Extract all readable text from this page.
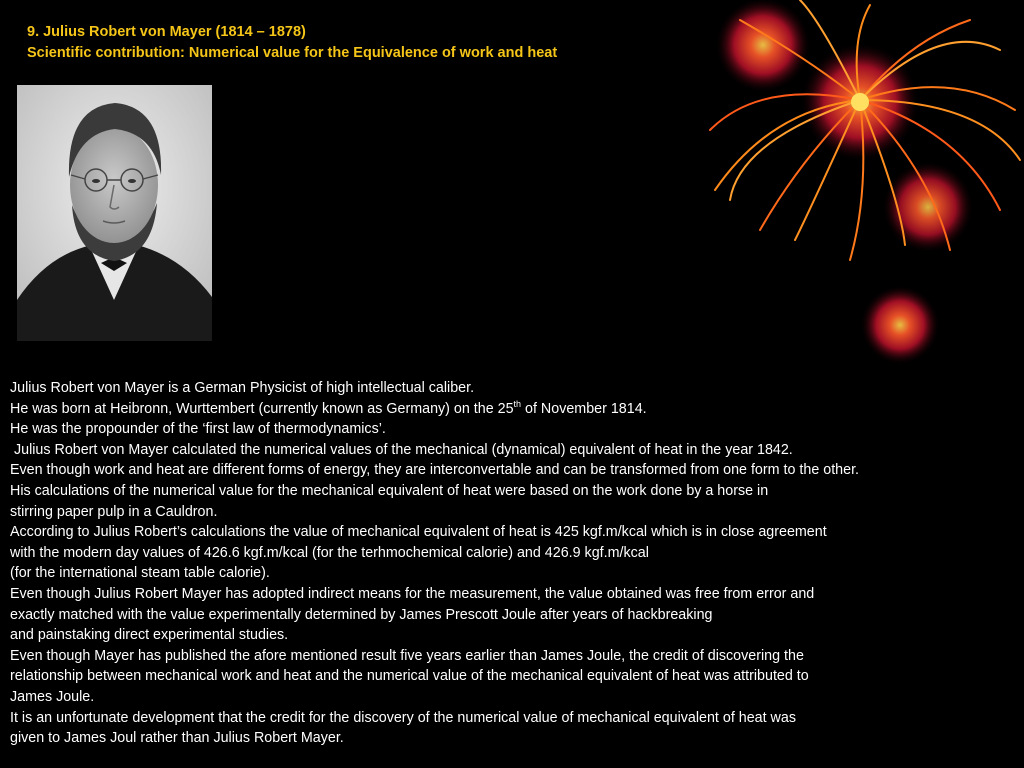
9. Julius Robert von Mayer (1814 – 1878)
Scientific contribution: Numerical value for the Equivalence of work and heat
Julius Robert von Mayer is a German Physicist of high intellectual caliber.
He was born at Heibronn, Wurttembert (currently known as Germany) on the 25th of November 1814.
He was the propounder of the ‘first law of thermodynamics’.
Julius Robert von Mayer calculated the numerical values of the mechanical (dynamical) equivalent of heat in the year 1842.
Even though work and heat are different forms of energy, they are interconvertable and can be transformed from one form to the other.
His calculations of the numerical value for the mechanical equivalent of heat were based on the work done by a horse in
stirring paper pulp in a Cauldron.
According to Julius Robert’s calculations the value of mechanical equivalent of heat is 425 kgf.m/kcal which is in close agreement
with the modern day values of 426.6 kgf.m/kcal (for the terhmochemical calorie) and 426.9 kgf.m/kcal
(for the international steam table calorie).
Even though Julius Robert Mayer has adopted indirect means for the measurement, the value obtained was free from error and
exactly matched with the value experimentally determined by James Prescott Joule after years of hackbreaking
and painstaking direct experimental studies.
Even though Mayer has published the afore mentioned result five years earlier than James Joule, the credit of discovering the
relationship between mechanical work and heat and the numerical value of the mechanical equivalent of heat was attributed to
James Joule.
It is an unfortunate development that the credit for the discovery of the numerical value of mechanical equivalent of heat was
given to James Joul rather than Julius Robert Mayer.
